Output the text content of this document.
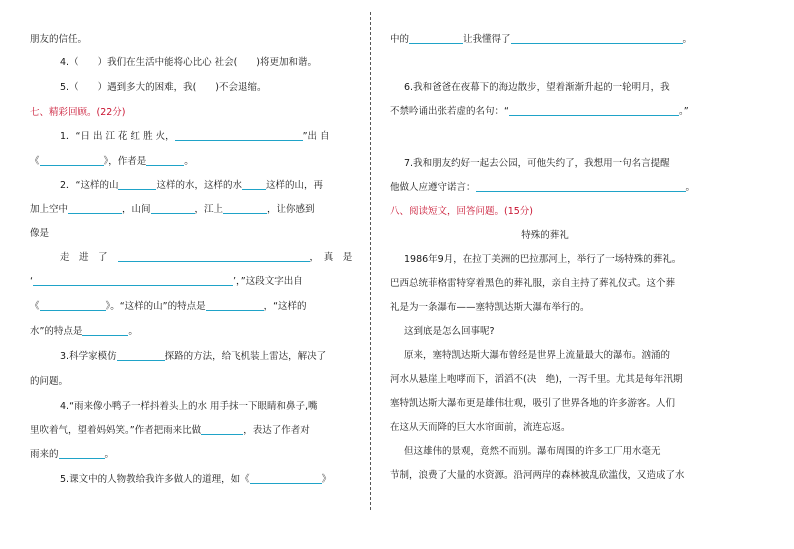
朋友的信任。
4.（　　）我们在生活中能将心比心 社会(　　)将更加和谐。
5.（　　）遇到多大的困难，我(　　)不会退缩。
七、精彩回顾。(22分)
1．“日 出 江 花 红 胜 火，	”出 自
《	》，作者是	。
2．“这样的山	这样的水，这样的水	这样的山，再
加上空中	，山间	，江上	，让你感到
像是
走　进　了	，　真　是
‘	’，”这段文字出自
《	》。“这样的山”的特点是	，“这样的
水”的特点是	。
3.科学家模仿	探路的方法，给飞机装上雷达，解决了
的问题。
4.“雨来像小鸭子一样抖着头上的水 用手抹一下眼睛和鼻子,嘴
里吹着气，望着妈妈笑。”作者把雨来比做	，表达了作者对
雨来的	。
5.课文中的人物教给我许多做人的道理，如《	》
中的	让我懂得了	。
6.我和爸爸在夜幕下的海边散步，望着渐渐升起的一轮明月，我
不禁吟诵出张若虚的名句：“	。”
7.我和朋友约好一起去公园，可他失约了，我想用一句名言提醒
他做人应遵守诺言：	。
八、阅读短文，回答问题。(15分)
特殊的葬礼
1986年9月，在拉丁美洲的巴拉那河上，举行了一场特殊的葬礼。
巴西总统菲格雷特穿着黑色的葬礼服，亲自主持了葬礼仪式。这个葬
礼是为一条瀑布——塞特凯达斯大瀑布举行的。
这到底是怎么回事呢?
原来，塞特凯达斯大瀑布曾经是世界上流量最大的瀑布。汹涌的
河水从悬崖上咆哮而下，滔滔不(决　绝)，一泻千里。尤其是每年汛期
塞特凯达斯大瀑布更是雄伟壮观，吸引了世界各地的许多游客。人们
在这从天而降的巨大水帘面前，流连忘返。
但这雄伟的景观，竟然不而别。瀑布周围的许多工厂用水毫无
节制，浪费了大量的水资源。沿河两岸的森林被乱砍滥伐，又造成了水
